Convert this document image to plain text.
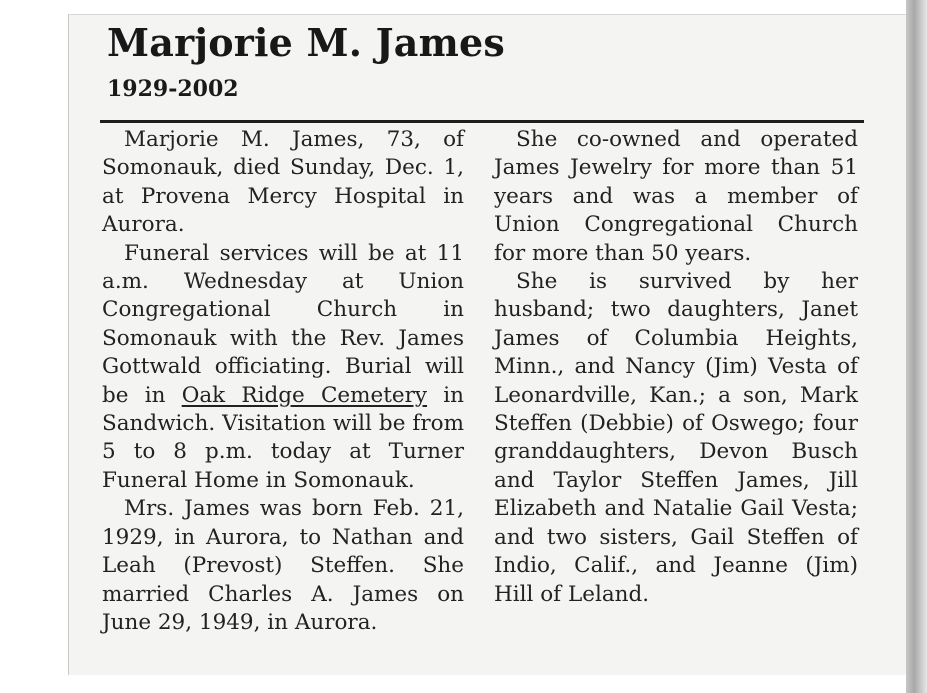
Marjorie M. James
1929-2002

Marjorie M. James, 73, of Somonauk, died Sunday, Dec. 1, at Provena Mercy Hospital in Aurora.

Funeral services will be at 11 a.m. Wednesday at Union Congregational Church in Somonauk with the Rev. James Gottwald officiating. Burial will be in Oak Ridge Cemetery in Sandwich. Visitation will be from 5 to 8 p.m. today at Turner Funeral Home in Somonauk.

Mrs. James was born Feb. 21, 1929, in Aurora, to Nathan and Leah (Prevost) Steffen. She married Charles A. James on June 29, 1949, in Aurora.

She co-owned and operated James Jewelry for more than 51 years and was a member of Union Congregational Church for more than 50 years.

She is survived by her husband; two daughters, Janet James of Columbia Heights, Minn., and Nancy (Jim) Vesta of Leonardville, Kan.; a son, Mark Steffen (Debbie) of Oswego; four granddaughters, Devon Busch and Taylor Steffen James, Jill Elizabeth and Natalie Gail Vesta; and two sisters, Gail Steffen of Indio, Calif., and Jeanne (Jim) Hill of Leland.
